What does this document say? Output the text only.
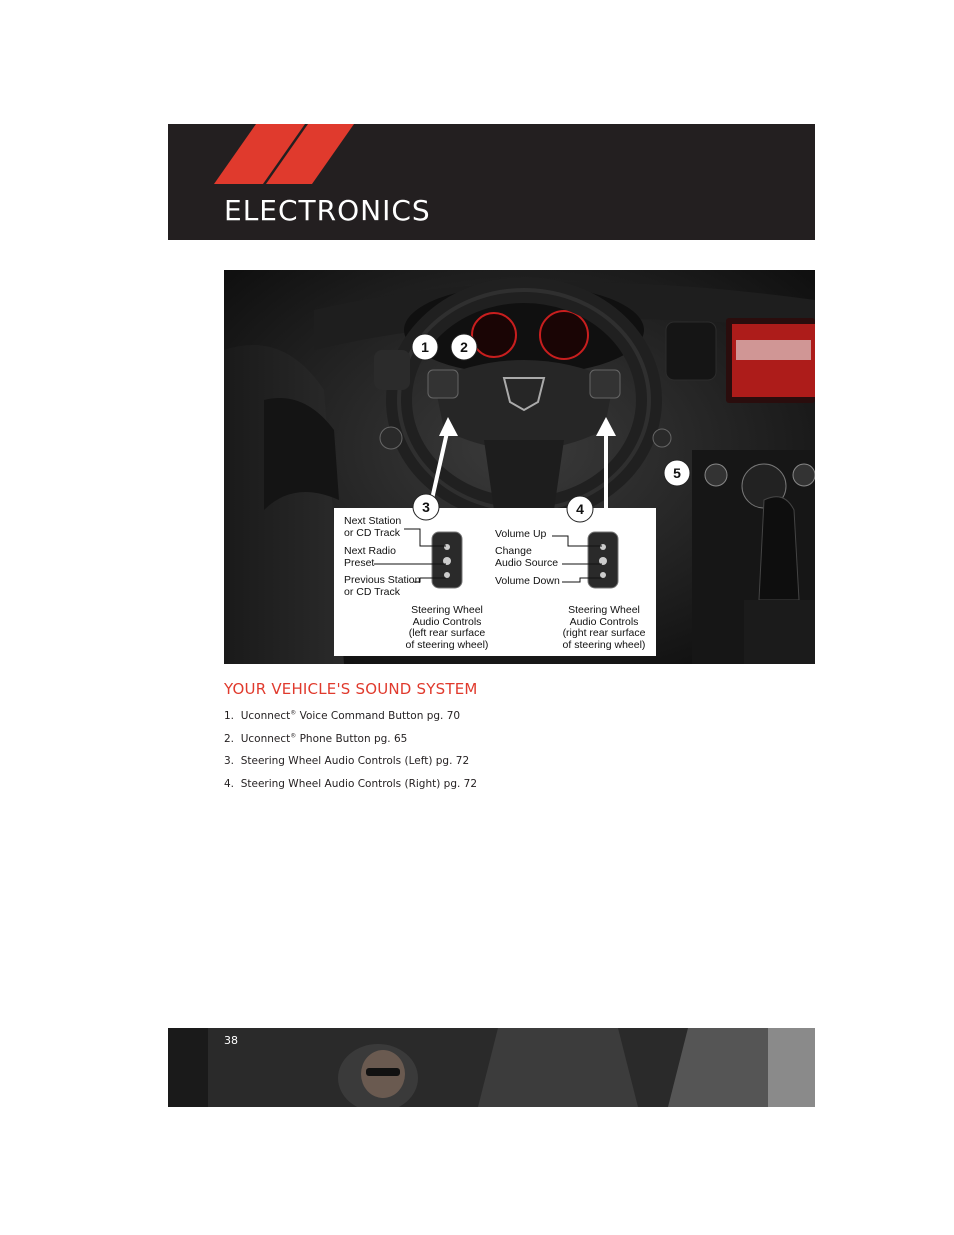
ELECTRONICS
1 2
3	4
5
Next Station
or CD Track
Next Radio
Preset
Previous Station
or CD Track
Steering Wheel
Audio Controls
(left rear surface
of steering wheel)
Volume Up
Change
Audio Source
Volume Down
Steering Wheel
Audio Controls
(right rear surface
of steering wheel)
YOUR VEHICLE'S SOUND SYSTEM
1. Uconnect® Voice Command Button pg. 70
2. Uconnect® Phone Button pg. 65
3. Steering Wheel Audio Controls (Left) pg. 72
4. Steering Wheel Audio Controls (Right) pg. 72
38
